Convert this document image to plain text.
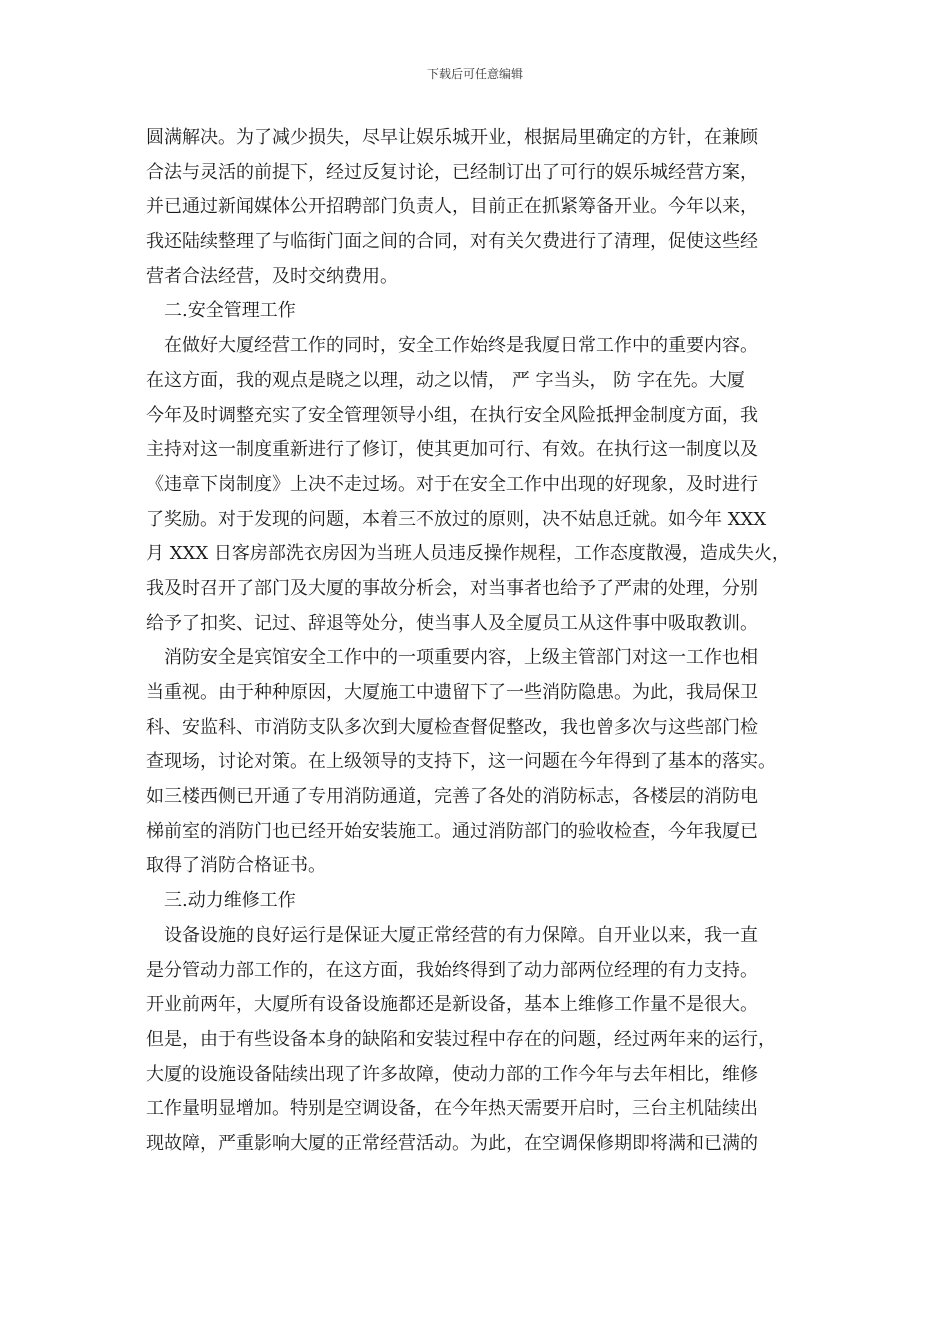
下载后可任意编辑
圆满解决。为了减少损失，尽早让娱乐城开业，根据局里确定的方针，在兼顾
合法与灵活的前提下，经过反复讨论，已经制订出了可行的娱乐城经营方案，
并已通过新闻媒体公开招聘部门负责人，目前正在抓紧筹备开业。今年以来，
我还陆续整理了与临街门面之间的合同，对有关欠费进行了清理，促使这些经
营者合法经营，及时交纳费用。
二.安全管理工作
在做好大厦经营工作的同时，安全工作始终是我厦日常工作中的重要内容。
在这方面，我的观点是晓之以理，动之以情， 严 字当头， 防 字在先。大厦
今年及时调整充实了安全管理领导小组，在执行安全风险抵押金制度方面，我
主持对这一制度重新进行了修订，使其更加可行、有效。在执行这一制度以及
《违章下岗制度》上决不走过场。对于在安全工作中出现的好现象，及时进行
了奖励。对于发现的问题，本着三不放过的原则，决不姑息迁就。如今年 XXX
月 XXX 日客房部洗衣房因为当班人员违反操作规程，工作态度散漫，造成失火，
我及时召开了部门及大厦的事故分析会，对当事者也给予了严肃的处理，分别
给予了扣奖、记过、辞退等处分，使当事人及全厦员工从这件事中吸取教训。
消防安全是宾馆安全工作中的一项重要内容，上级主管部门对这一工作也相
当重视。由于种种原因，大厦施工中遗留下了一些消防隐患。为此，我局保卫
科、安监科、市消防支队多次到大厦检查督促整改，我也曾多次与这些部门检
查现场，讨论对策。在上级领导的支持下，这一问题在今年得到了基本的落实。
如三楼西侧已开通了专用消防通道，完善了各处的消防标志，各楼层的消防电
梯前室的消防门也已经开始安装施工。通过消防部门的验收检查，今年我厦已
取得了消防合格证书。
三.动力维修工作
设备设施的良好运行是保证大厦正常经营的有力保障。自开业以来，我一直
是分管动力部工作的，在这方面，我始终得到了动力部两位经理的有力支持。
开业前两年，大厦所有设备设施都还是新设备，基本上维修工作量不是很大。
但是，由于有些设备本身的缺陷和安装过程中存在的问题，经过两年来的运行，
大厦的设施设备陆续出现了许多故障，使动力部的工作今年与去年相比，维修
工作量明显增加。特别是空调设备，在今年热天需要开启时，三台主机陆续出
现故障，严重影响大厦的正常经营活动。为此，在空调保修期即将满和已满的
